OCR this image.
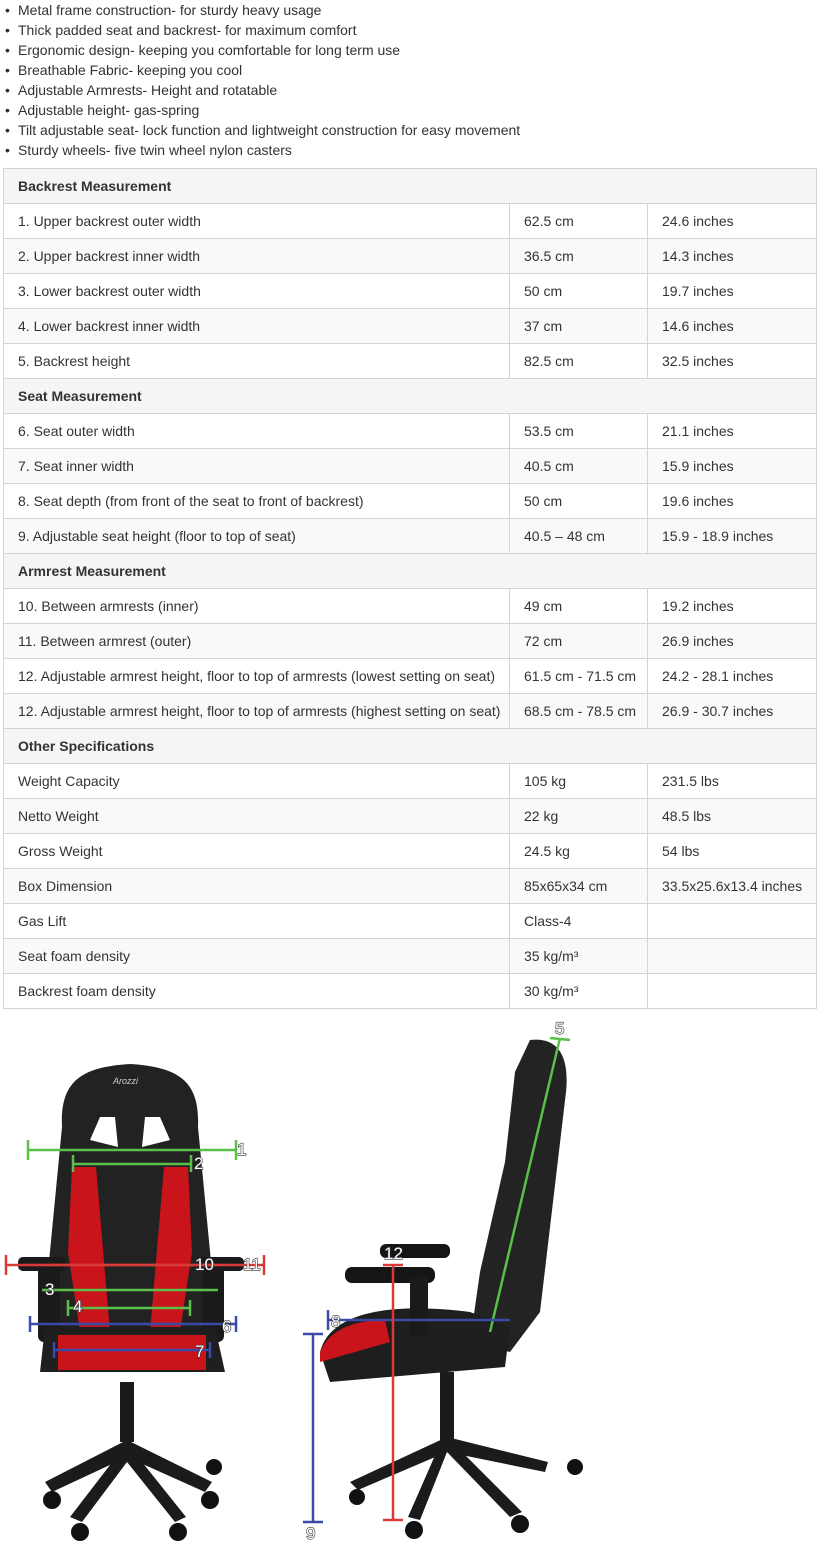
• Metal frame construction- for sturdy heavy usage
• Thick padded seat and backrest- for maximum comfort
• Ergonomic design- keeping you comfortable for long term use
• Breathable Fabric- keeping you cool
• Adjustable Armrests- Height and rotatable
• Adjustable height- gas-spring
• Tilt adjustable seat- lock function and lightweight construction for easy movement
• Sturdy wheels- five twin wheel nylon casters
Backrest Measurement		
1. Upper backrest outer width	62.5 cm	24.6 inches
2. Upper backrest inner width	36.5 cm	14.3 inches
3. Lower backrest outer width	50 cm	19.7 inches
4. Lower backrest inner width	37 cm	14.6 inches
5. Backrest height	82.5 cm	32.5 inches
Seat Measurement		
6. Seat outer width	53.5 cm	21.1 inches
7. Seat inner width	40.5 cm	15.9 inches
8. Seat depth (from front of the seat to front of backrest)	50 cm	19.6 inches
9. Adjustable seat height (floor to top of seat)	40.5 – 48 cm	15.9 - 18.9 inches
Armrest Measurement		
10. Between armrests (inner)	49 cm	19.2 inches
11. Between armrest (outer)	72 cm	26.9 inches
12. Adjustable armrest height, floor to top of armrests (lowest setting on seat)	61.5 cm - 71.5 cm	24.2 - 28.1 inches
12. Adjustable armrest height, floor to top of armrests (highest setting on seat)	68.5 cm - 78.5 cm	26.9 - 30.7 inches
Other Specifications		
Weight Capacity	105 kg	231.5 lbs
Netto Weight	22 kg	48.5 lbs
Gross Weight	24.5 kg	54 lbs
Box Dimension	85x65x34 cm	33.5x25.6x13.4 inches
Gas Lift	Class-4	
Seat foam density	35 kg/m³	
Backrest foam density	30 kg/m³	
Arozzi
1
2
3
4
5
6
7
8
9
10 11
12
